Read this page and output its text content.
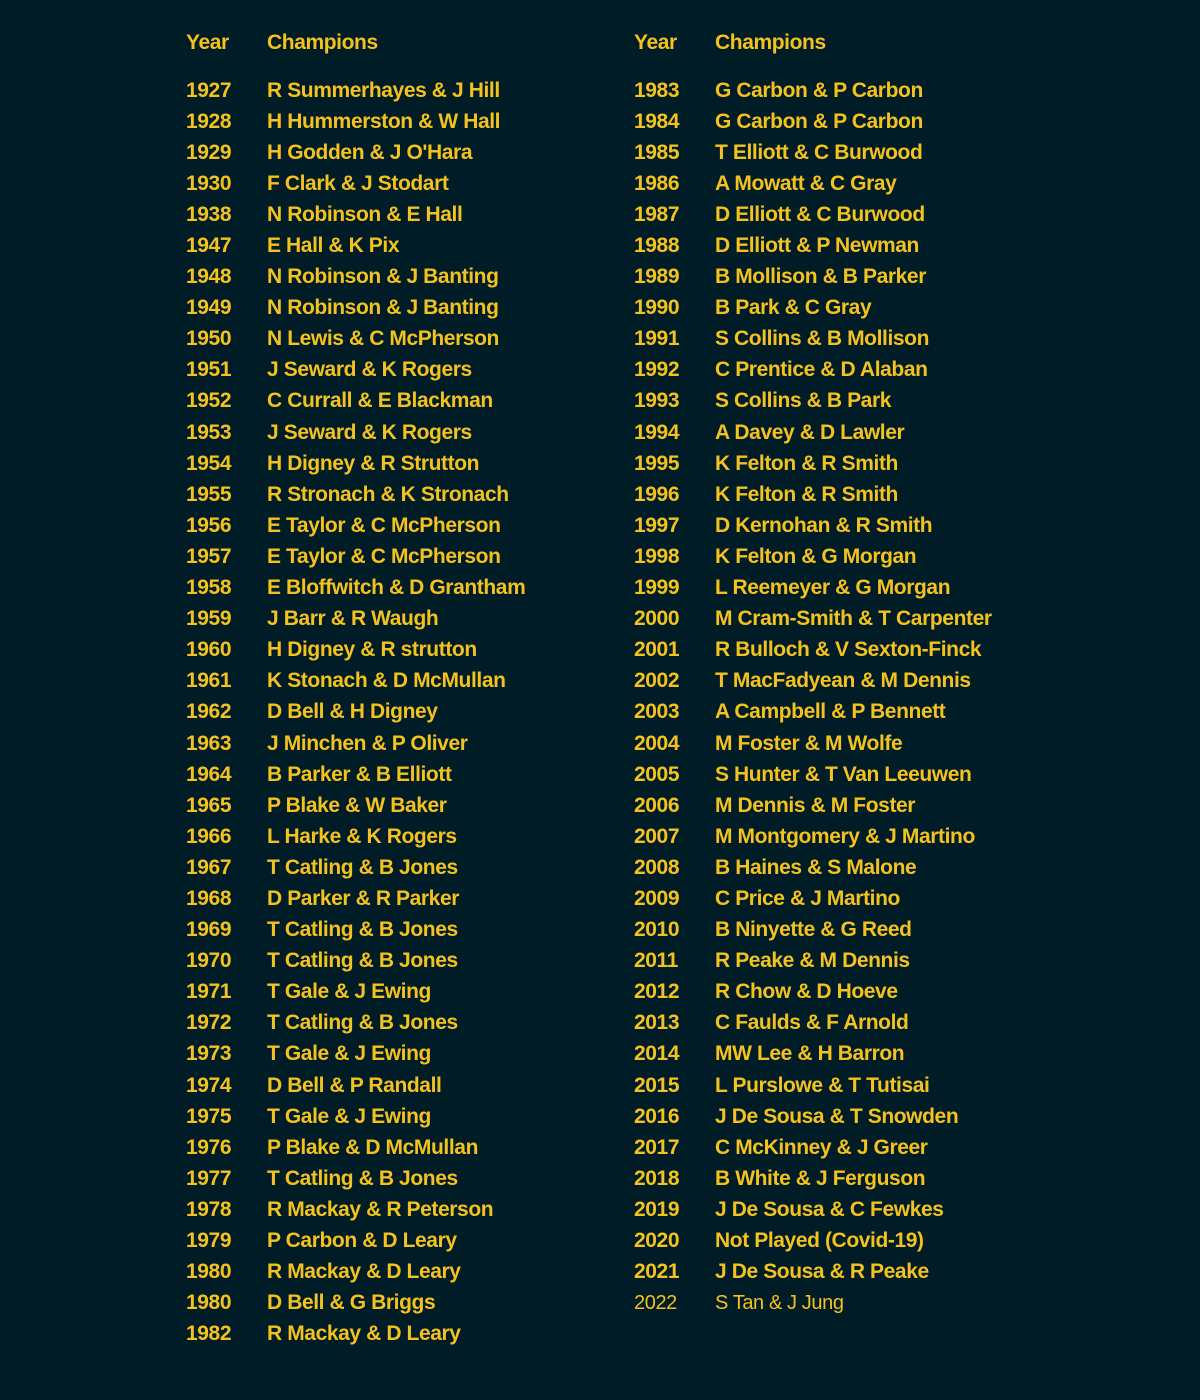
Year	Champions
1927	R Summerhayes & J Hill
1928	H Hummerston & W Hall
1929	H Godden & J O'Hara
1930	F Clark & J Stodart
1938	N Robinson & E Hall
1947	E Hall & K Pix
1948	N Robinson & J Banting
1949	N Robinson & J Banting
1950	N Lewis & C McPherson
1951	J Seward & K Rogers
1952	C Currall & E Blackman
1953	J Seward & K Rogers
1954	H Digney & R Strutton
1955	R Stronach & K Stronach
1956	E Taylor & C McPherson
1957	E Taylor & C McPherson
1958	E Bloffwitch & D Grantham
1959	J Barr & R Waugh
1960	H Digney & R strutton
1961	K Stonach & D McMullan
1962	D Bell & H Digney
1963	J Minchen & P Oliver
1964	B Parker & B Elliott
1965	P Blake & W Baker
1966	L Harke & K Rogers
1967	T Catling & B Jones
1968	D Parker & R Parker
1969	T Catling & B Jones
1970	T Catling & B Jones
1971	T Gale & J Ewing
1972	T Catling & B Jones
1973	T Gale & J Ewing
1974	D Bell & P Randall
1975	T Gale & J Ewing
1976	P Blake & D McMullan
1977	T Catling & B Jones
1978	R Mackay & R Peterson
1979	P Carbon & D Leary
1980	R Mackay & D Leary
1980	D Bell & G Briggs
1982	R Mackay & D Leary
Year	Champions
1983	G Carbon & P Carbon
1984	G Carbon & P Carbon
1985	T Elliott & C Burwood
1986	A Mowatt & C Gray
1987	D Elliott & C Burwood
1988	D Elliott & P Newman
1989	B Mollison & B Parker
1990	B Park & C Gray
1991	S Collins & B Mollison
1992	C Prentice & D Alaban
1993	S Collins & B Park
1994	A Davey & D Lawler
1995	K Felton & R Smith
1996	K Felton & R Smith
1997	D Kernohan & R Smith
1998	K Felton & G Morgan
1999	L Reemeyer & G Morgan
2000	M Cram-Smith & T Carpenter
2001	R Bulloch & V Sexton-Finck
2002	T MacFadyean & M Dennis
2003	A Campbell & P Bennett
2004	M Foster & M Wolfe
2005	S Hunter & T Van Leeuwen
2006	M Dennis & M Foster
2007	M Montgomery & J Martino
2008	B Haines & S Malone
2009	C Price & J Martino
2010	B Ninyette & G Reed
2011	R Peake & M Dennis
2012	R Chow & D Hoeve
2013	C Faulds & F Arnold
2014	MW Lee & H Barron
2015	L Purslowe & T Tutisai
2016	J De Sousa & T Snowden
2017	C McKinney & J Greer
2018	B White & J Ferguson
2019	J De Sousa & C Fewkes
2020	Not Played (Covid-19)
2021	J De Sousa & R Peake
2022	S Tan & J Jung
